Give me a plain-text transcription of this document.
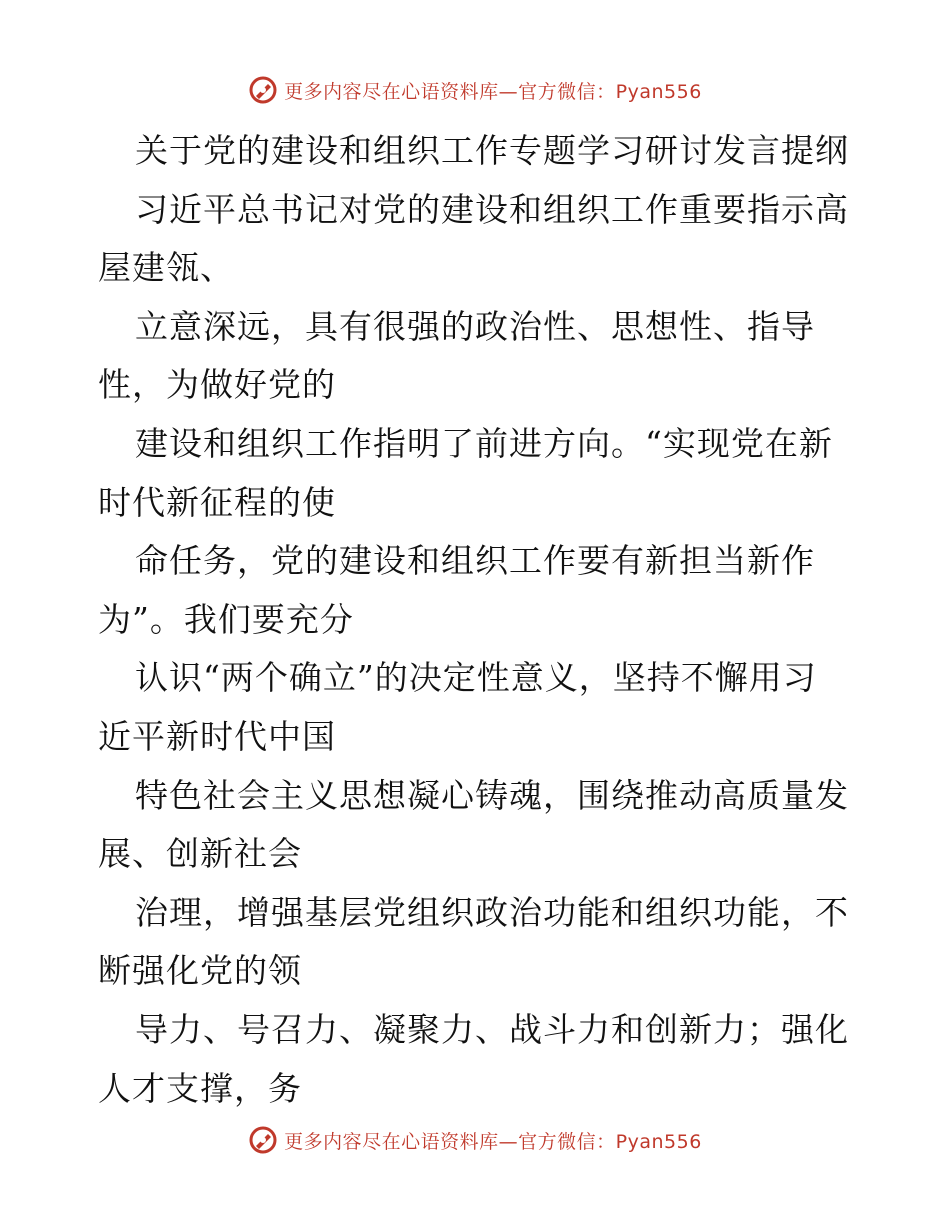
更多内容尽在心语资料库—官方微信：Pyan556
关于党的建设和组织工作专题学习研讨发言提纲
习近平总书记对党的建设和组织工作重要指示高
屋建瓴、
立意深远，具有很强的政治性、思想性、指导
性，为做好党的
建设和组织工作指明了前进方向。“实现党在新
时代新征程的使
命任务，党的建设和组织工作要有新担当新作
为”。我们要充分
认识“两个确立”的决定性意义，坚持不懈用习
近平新时代中国
特色社会主义思想凝心铸魂，围绕推动高质量发
展、创新社会
治理，增强基层党组织政治功能和组织功能，不
断强化党的领
导力、号召力、凝聚力、战斗力和创新力；强化
人才支撑，务
更多内容尽在心语资料库—官方微信：Pyan556
